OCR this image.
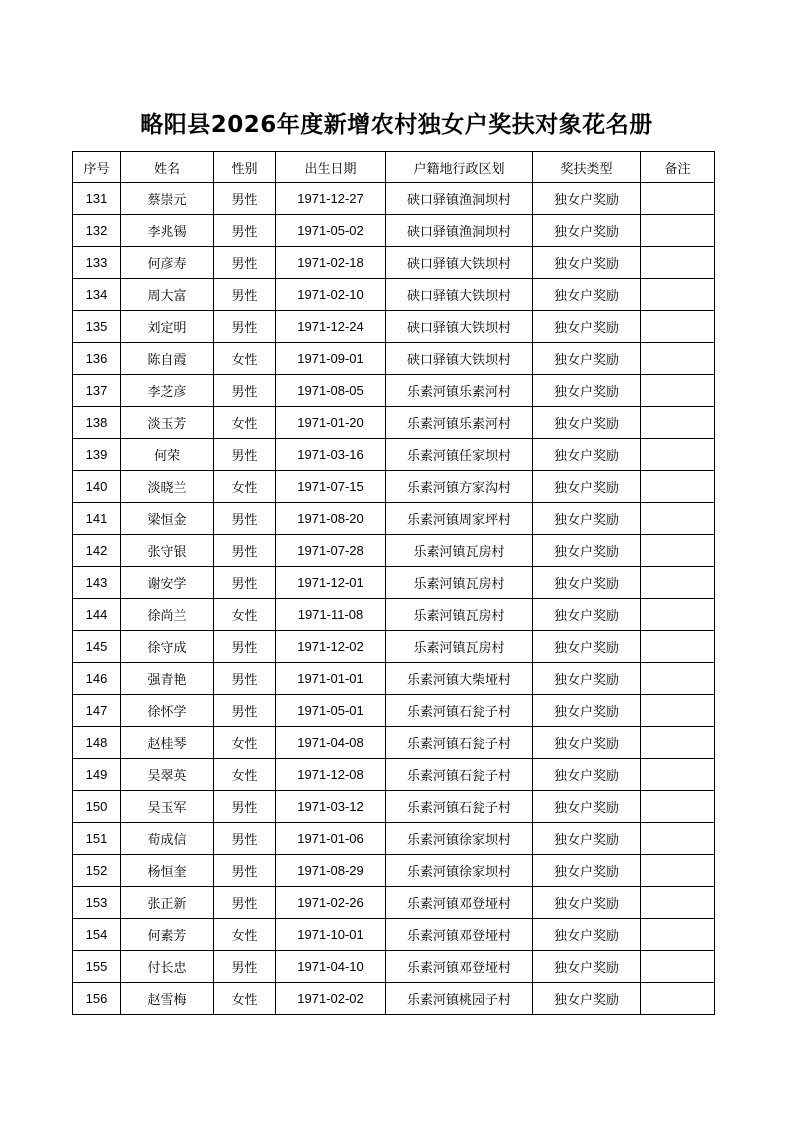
略阳县2026年度新增农村独女户奖扶对象花名册
序号	姓名	性别	出生日期	户籍地行政区划	奖扶类型	备注
131	蔡崇元	男性	1971-12-27	硖口驿镇渔洞坝村	独女户奖励	
132	李兆锡	男性	1971-05-02	硖口驿镇渔洞坝村	独女户奖励	
133	何彦寿	男性	1971-02-18	硖口驿镇大铁坝村	独女户奖励	
134	周大富	男性	1971-02-10	硖口驿镇大铁坝村	独女户奖励	
135	刘定明	男性	1971-12-24	硖口驿镇大铁坝村	独女户奖励	
136	陈自霞	女性	1971-09-01	硖口驿镇大铁坝村	独女户奖励	
137	李芝彦	男性	1971-08-05	乐素河镇乐素河村	独女户奖励	
138	淡玉芳	女性	1971-01-20	乐素河镇乐素河村	独女户奖励	
139	何荣	男性	1971-03-16	乐素河镇任家坝村	独女户奖励	
140	淡晓兰	女性	1971-07-15	乐素河镇方家沟村	独女户奖励	
141	梁恒金	男性	1971-08-20	乐素河镇周家坪村	独女户奖励	
142	张守银	男性	1971-07-28	乐素河镇瓦房村	独女户奖励	
143	谢安学	男性	1971-12-01	乐素河镇瓦房村	独女户奖励	
144	徐尚兰	女性	1971-11-08	乐素河镇瓦房村	独女户奖励	
145	徐守成	男性	1971-12-02	乐素河镇瓦房村	独女户奖励	
146	强青艳	男性	1971-01-01	乐素河镇大柴垭村	独女户奖励	
147	徐怀学	男性	1971-05-01	乐素河镇石瓮子村	独女户奖励	
148	赵桂琴	女性	1971-04-08	乐素河镇石瓮子村	独女户奖励	
149	吴翠英	女性	1971-12-08	乐素河镇石瓮子村	独女户奖励	
150	吴玉军	男性	1971-03-12	乐素河镇石瓮子村	独女户奖励	
151	荀成信	男性	1971-01-06	乐素河镇徐家坝村	独女户奖励	
152	杨恒奎	男性	1971-08-29	乐素河镇徐家坝村	独女户奖励	
153	张正新	男性	1971-02-26	乐素河镇邓登垭村	独女户奖励	
154	何素芳	女性	1971-10-01	乐素河镇邓登垭村	独女户奖励	
155	付长忠	男性	1971-04-10	乐素河镇邓登垭村	独女户奖励	
156	赵雪梅	女性	1971-02-02	乐素河镇桃园子村	独女户奖励	
